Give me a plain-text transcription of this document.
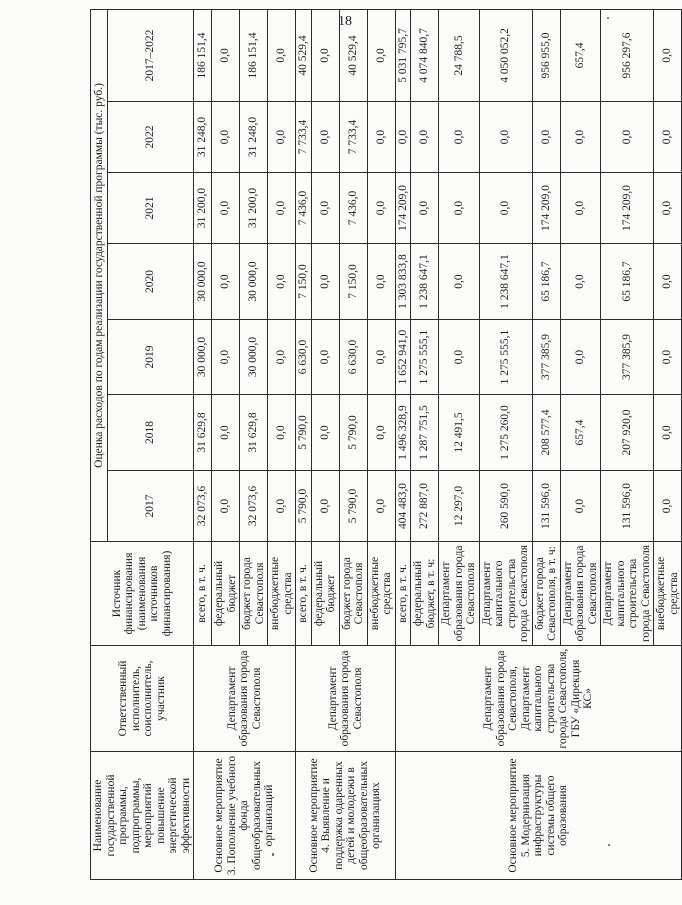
18
Наименование государственной программы, подпрограммы, мероприятий повышение энергетической эффективности	Ответственный исполнитель, соисполнитель, участник	Источник финансирования (наименования источников финансирования)	Оценка расходов по годам реализации государственной программы (тыс. руб.)						
			2017	2018	2019	2020	2021	2022	2017–2022
Основное мероприятие 3. Пополнение учебного фонда общеобразовательных организаций	Департамент образования города Севастополя	всего, в т. ч.	32 073,6	31 629,8	30 000,0	30 000,0	31 200,0	31 248,0	186 151,4
		федеральный бюджет	0,0	0,0	0,0	0,0	0,0	0,0	0,0
		бюджет города Севастополя	32 073,6	31 629,8	30 000,0	30 000,0	31 200,0	31 248,0	186 151,4
		внебюджетные средства	0,0	0,0	0,0	0,0	0,0	0,0	0,0
Основное мероприятие 4. Выявление и поддержка одаренных детей и молодежи в общеобразовательных организациях	Департамент образования города Севастополя	всего, в т. ч.	5 790,0	5 790,0	6 630,0	7 150,0	7 436,0	7 733,4	40 529,4
		федеральный бюджет	0,0	0,0	0,0	0,0	0,0	0,0	0,0
		бюджет города Севастополя	5 790,0	5 790,0	6 630,0	7 150,0	7 436,0	7 733,4	40 529,4
		внебюджетные средства	0,0	0,0	0,0	0,0	0,0	0,0	0,0
Основное мероприятие 5. Модернизация инфраструктуры системы общего образования	Департамент образования города Севастополя, Департамент капитального строительства города Севастополя, ГБУ «Дирекция КС»	всего, в т. ч.	404 483,0	1 496 328,9	1 652 941,0	1 303 833,8	174 209,0	0,0	5 031 795,7
		федеральный бюджет, в т. ч:	272 887,0	1 287 751,5	1 275 555,1	1 238 647,1	0,0	0,0	4 074 840,7
		Департамент образования города Севастополя	12 297,0	12 491,5	0,0	0,0	0,0	0,0	24 788,5
		Департамент капитального строительства города Севастополя	260 590,0	1 275 260,0	1 275 555,1	1 238 647,1	0,0	0,0	4 050 052,2
		бюджет города Севастополя, в т. ч:	131 596,0	208 577,4	377 385,9	65 186,7	174 209,0	0,0	956 955,0
		Департамент образования города Севастополя	0,0	657,4	0,0	0,0	0,0	0,0	657,4
		Департамент капитального строительства города Севастополя	131 596,0	207 920,0	377 385,9	65 186,7	174 209,0	0,0	956 297,6
		внебюджетные средства	0,0	0,0	0,0	0,0	0,0	0,0	0,0
